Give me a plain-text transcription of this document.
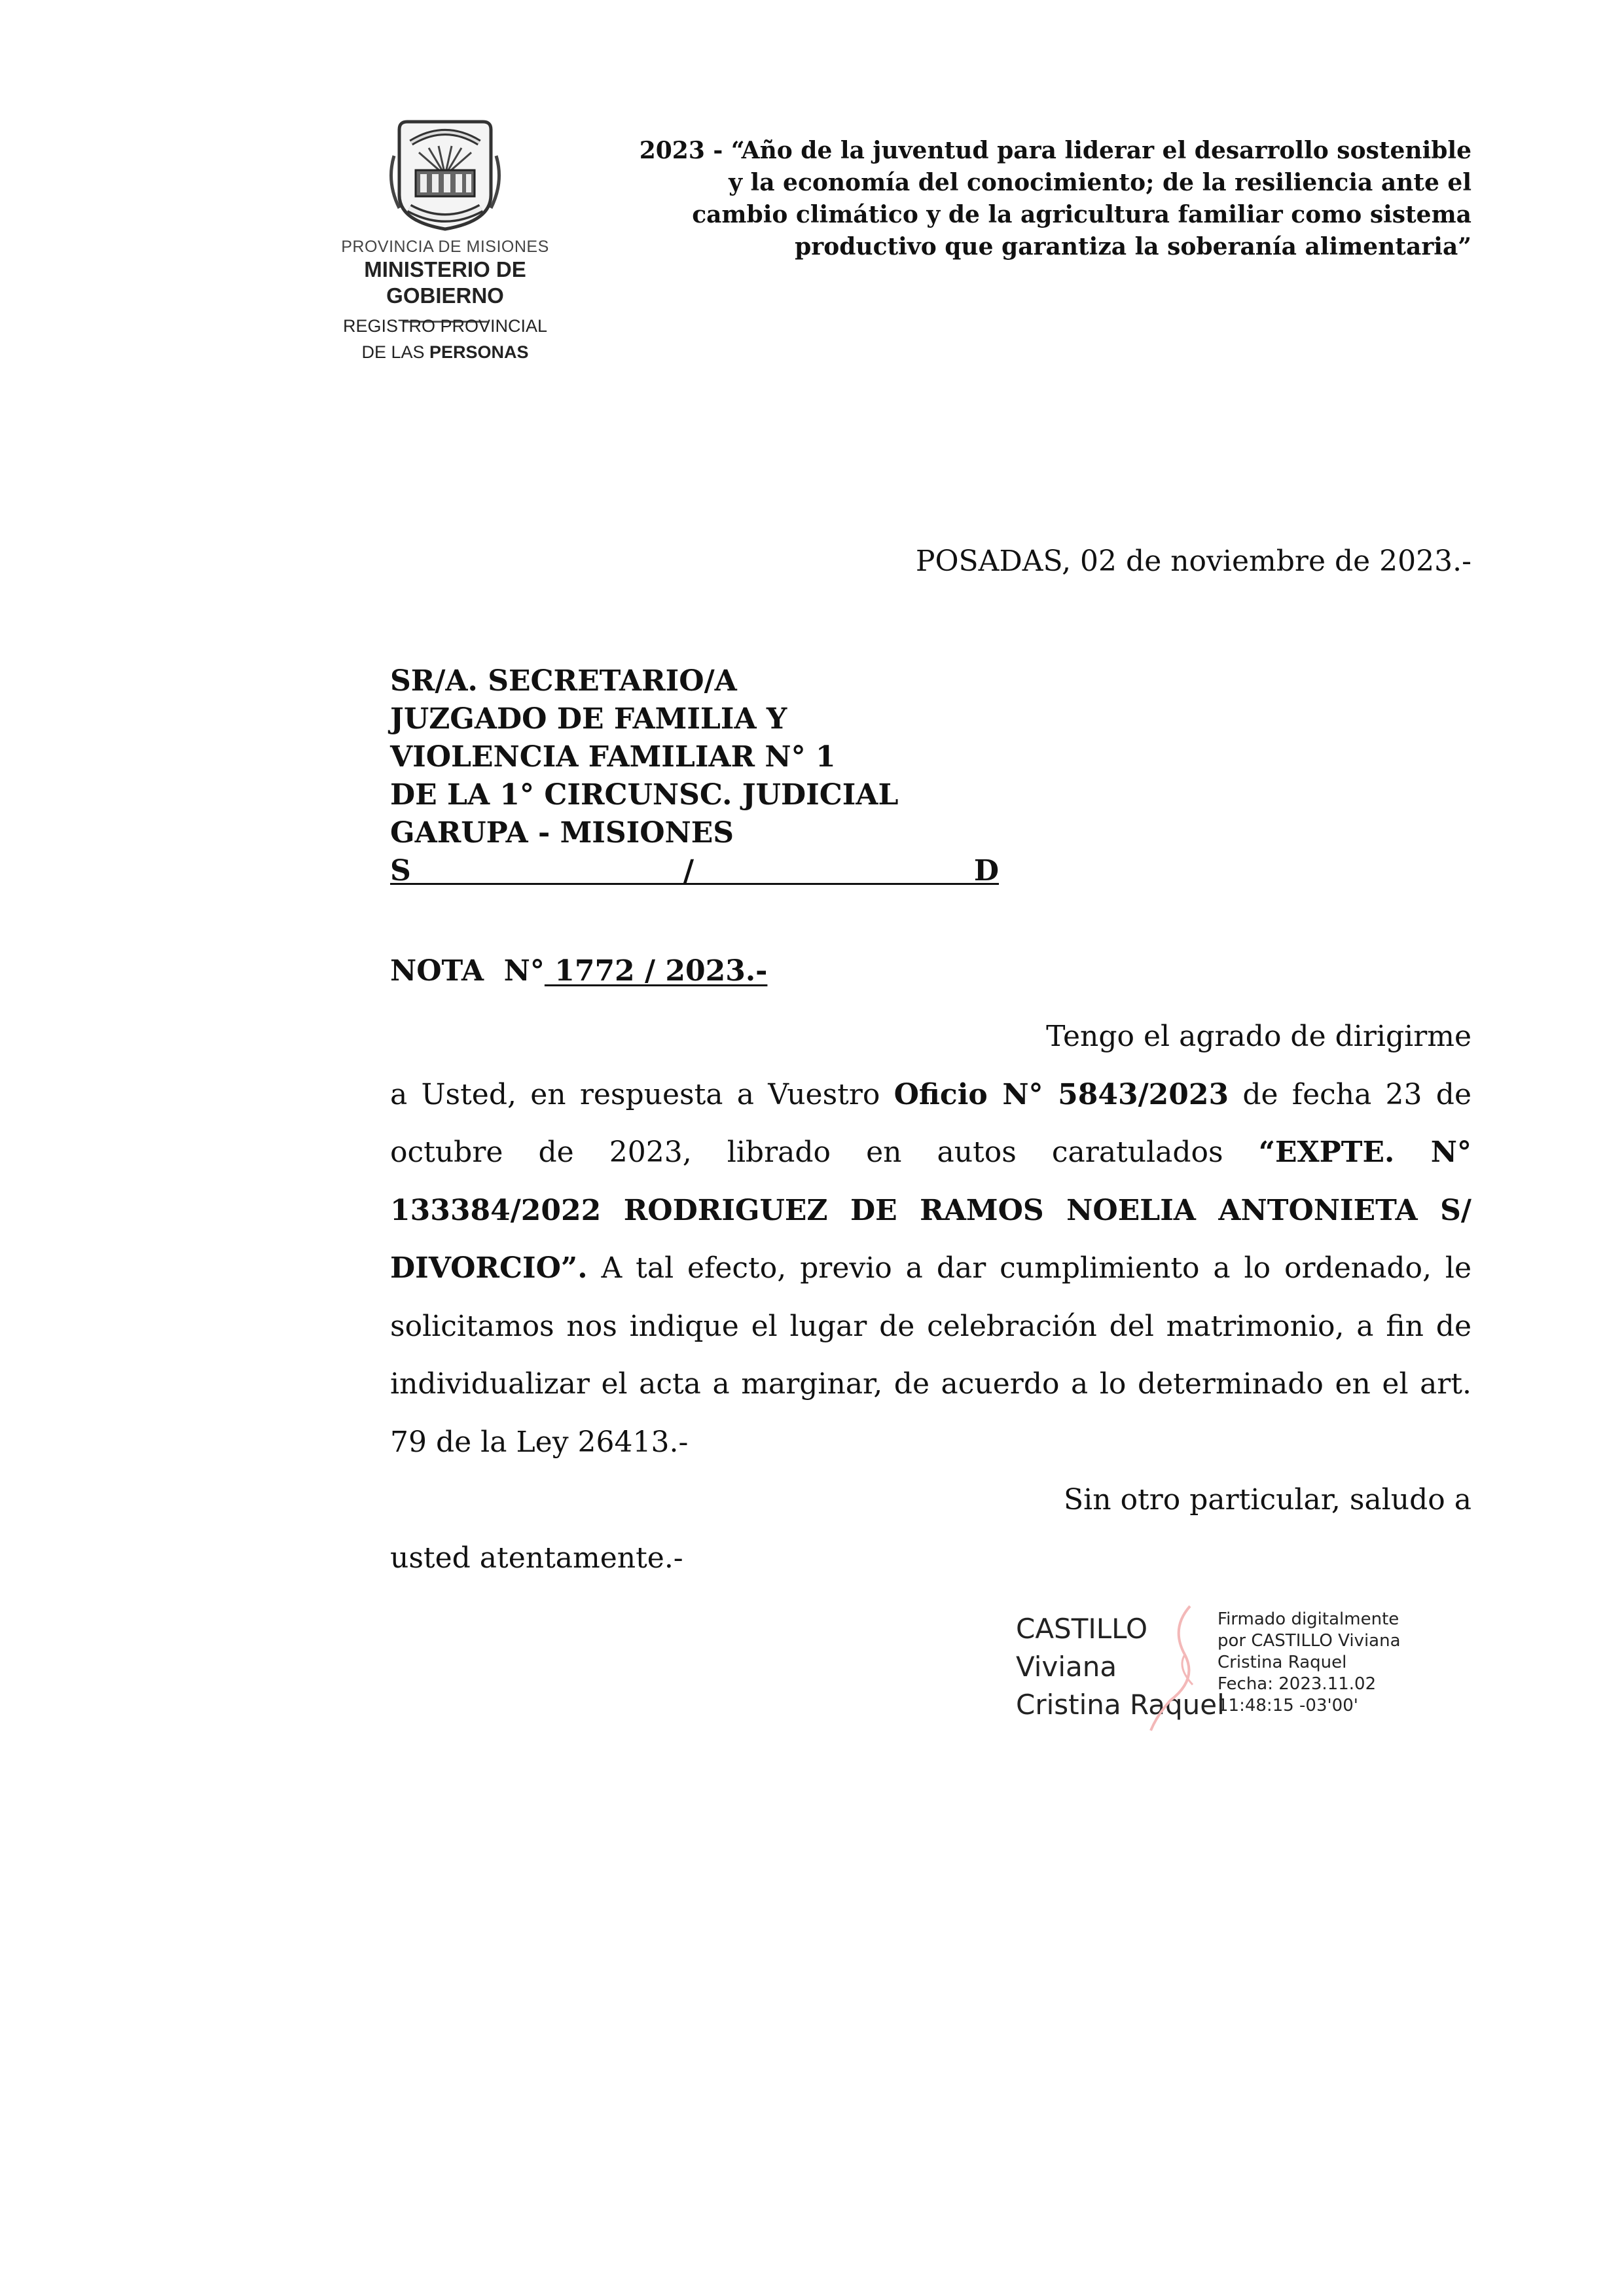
PROVINCIA DE MISIONES
MINISTERIO DE GOBIERNO
REGISTRO PROVINCIAL
DE LAS PERSONAS
2023 - “Año de la juventud para liderar el desarrollo sostenible
y la economía del conocimiento; de la resiliencia ante el
cambio climático y de la agricultura familiar como sistema
productivo que garantiza la soberanía alimentaria”
POSADAS, 02 de noviembre de 2023.-
SR/A. SECRETARIO/A
JUZGADO DE FAMILIA Y
VIOLENCIA FAMILIAR N° 1
DE LA 1° CIRCUNSC. JUDICIAL
GARUPA - MISIONES
S	/	D
NOTA  N° 1772 / 2023.-

Tengo el agrado de dirigirme

a Usted, en respuesta a Vuestro Oficio N° 5843/2023 de fecha 23 de octubre de 2023, librado en autos caratulados “EXPTE. N° 133384/2022 RODRIGUEZ DE RAMOS NOELIA ANTONIETA S/ DIVORCIO”. A tal efecto, previo a dar cumplimiento a lo ordenado, le solicitamos nos indique el lugar de celebración del matrimonio, a fin de individualizar el acta a marginar, de acuerdo a lo determinado en el art. 79 de la Ley 26413.-

Sin otro particular, saludo a

usted atentamente.-

CASTILLO
Viviana
Cristina Raquel
Firmado digitalmente
por CASTILLO Viviana
Cristina Raquel
Fecha: 2023.11.02
11:48:15 -03'00'
